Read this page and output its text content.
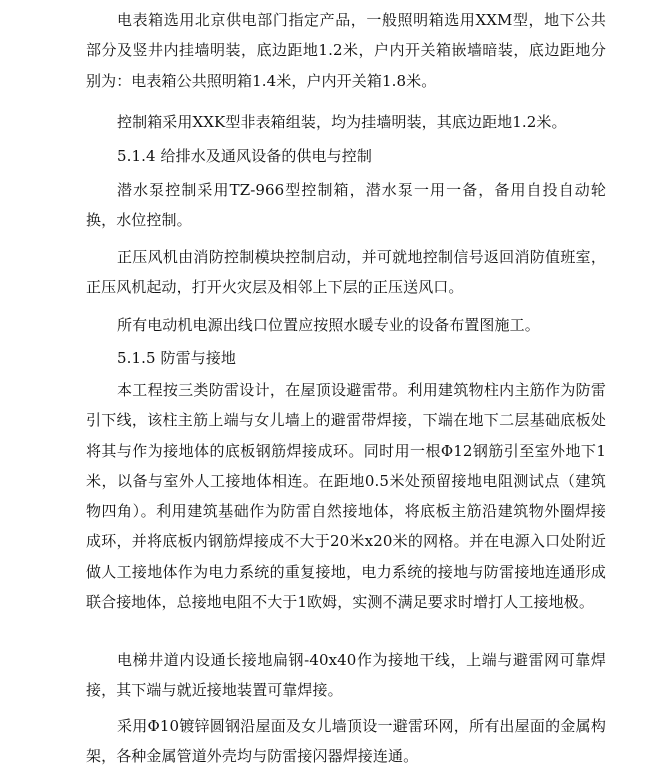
电表箱选用北京供电部门指定产品，一般照明箱选用XXM型，地下公共部分及竖井内挂墙明装，底边距地1.2米，户内开关箱嵌墙暗装，底边距地分别为：电表箱公共照明箱1.4米，户内开关箱1.8米。

控制箱采用XXK型非表箱组装，均为挂墙明装，其底边距地1.2米。

5.1.4 给排水及通风设备的供电与控制

潜水泵控制采用TZ-966型控制箱，潜水泵一用一备，备用自投自动轮换，水位控制。

正压风机由消防控制模块控制启动，并可就地控制信号返回消防值班室，正压风机起动，打开火灾层及相邻上下层的正压送风口。

所有电动机电源出线口位置应按照水暖专业的设备布置图施工。

5.1.5 防雷与接地

本工程按三类防雷设计，在屋顶设避雷带。利用建筑物柱内主筋作为防雷引下线，该柱主筋上端与女儿墙上的避雷带焊接，下端在地下二层基础底板处将其与作为接地体的底板钢筋焊接成环。同时用一根Φ12钢筋引至室外地下1米，以备与室外人工接地体相连。在距地0.5米处预留接地电阻测试点（建筑物四角）。利用建筑基础作为防雷自然接地体，将底板主筋沿建筑物外圈焊接成环，并将底板内钢筋焊接成不大于20米x20米的网格。并在电源入口处附近做人工接地体作为电力系统的重复接地，电力系统的接地与防雷接地连通形成联合接地体，总接地电阻不大于1欧姆，实测不满足要求时增打人工接地极。

电梯井道内设通长接地扁钢-40x40作为接地干线，上端与避雷网可靠焊接，其下端与就近接地装置可靠焊接。

采用Φ10镀锌圆钢沿屋面及女儿墙顶设一避雷环网，所有出屋面的金属构架，各种金属管道外壳均与防雷接闪器焊接连通。
